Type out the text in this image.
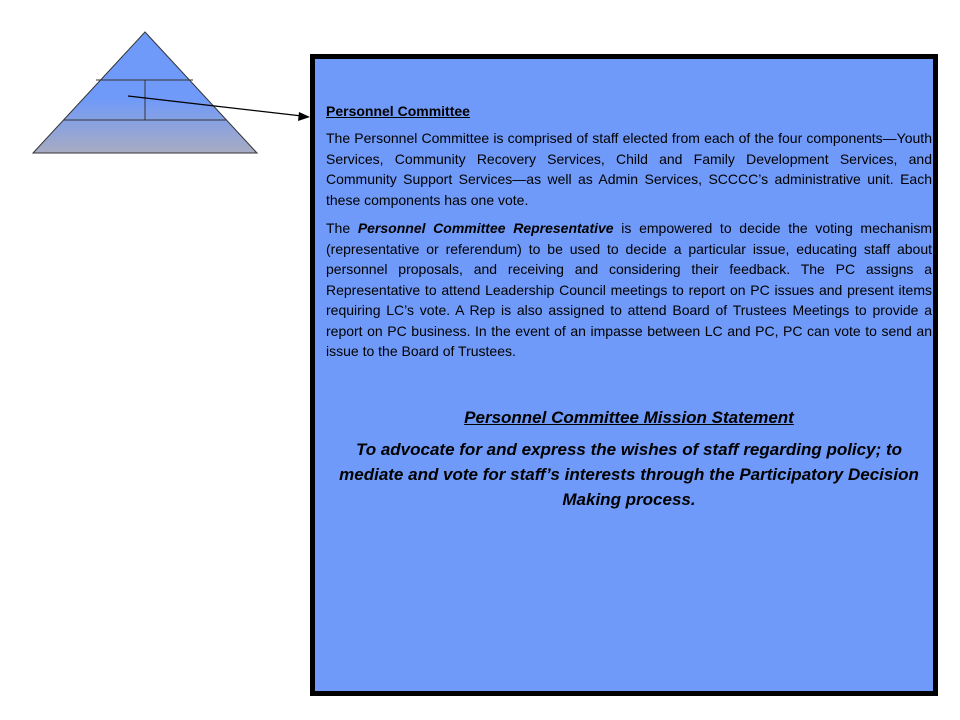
Personnel Committee

The Personnel Committee is comprised of staff elected from each of the four components—Youth Services, Community Recovery Services, Child and Family Development Services, and Community Support Services—as well as Admin Services, SCCCC’s administrative unit. Each these components has one vote.

The Personnel Committee Representative is empowered to decide the voting mechanism (representative or referendum) to be used to decide a particular issue, educating staff about personnel proposals, and receiving and considering their feedback. The PC assigns a Representative to attend Leadership Council meetings to report on PC issues and present items requiring LC’s vote. A Rep is also assigned to attend Board of Trustees Meetings to provide a report on PC business. In the event of an impasse between LC and PC, PC can vote to send an issue to the Board of Trustees.

Personnel Committee Mission Statement

To advocate for and express the wishes of staff regarding policy; to mediate and vote for staff’s interests through the Participatory Decision Making process.
